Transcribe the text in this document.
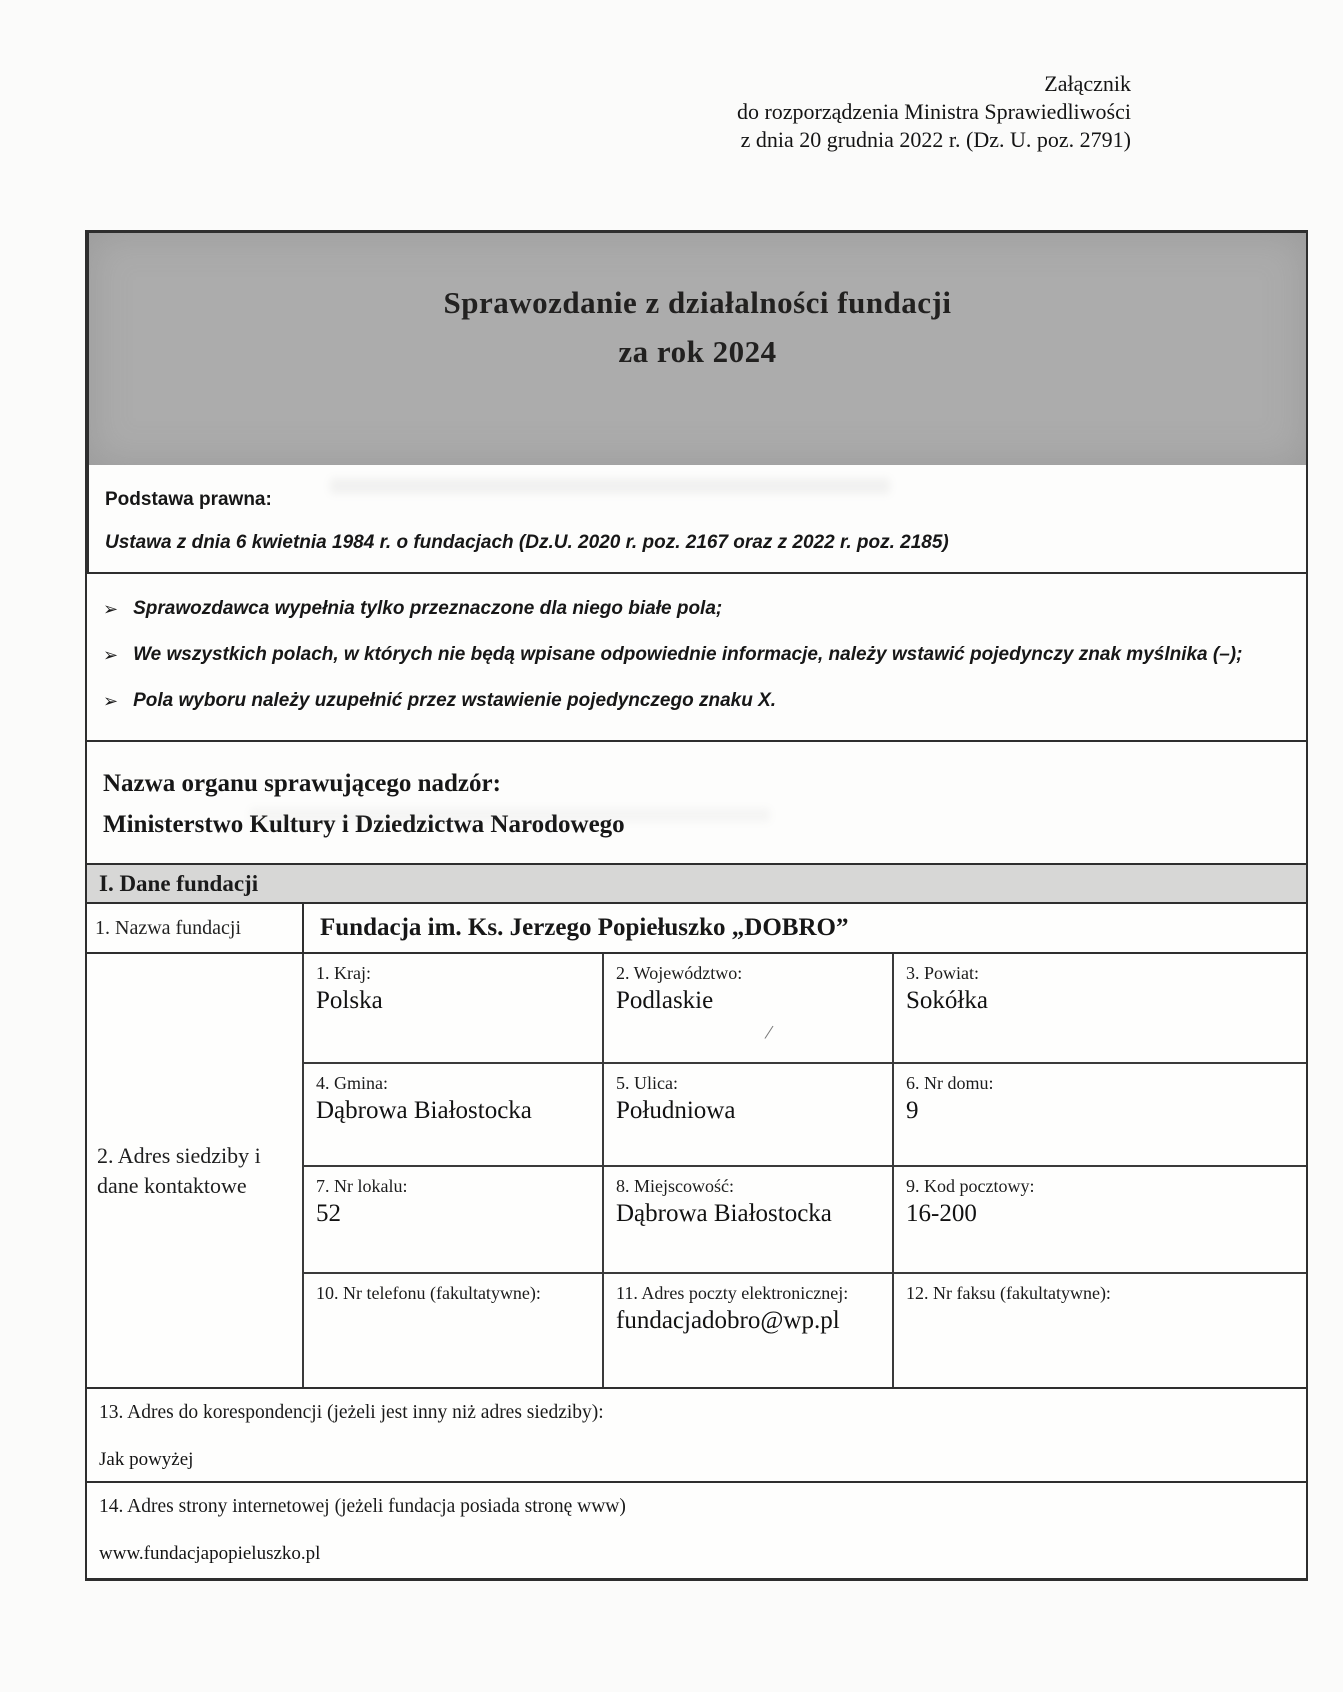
Załącznik
do rozporządzenia Ministra Sprawiedliwości
z dnia 20 grudnia 2022 r. (Dz. U. poz. 2791)
Sprawozdanie z działalności fundacji
za rok 2024
Podstawa prawna:
Ustawa z dnia 6 kwietnia 1984 r. o fundacjach (Dz.U. 2020 r. poz. 2167 oraz z 2022 r. poz. 2185)
➢ Sprawozdawca wypełnia tylko przeznaczone dla niego białe pola;
➢ We wszystkich polach, w których nie będą wpisane odpowiednie informacje, należy wstawić pojedynczy znak myślnika (–);
➢ Pola wyboru należy uzupełnić przez wstawienie pojedynczego znaku X.
Nazwa organu sprawującego nadzór:
Ministerstwo Kultury i Dziedzictwa Narodowego
I. Dane fundacji
1. Nazwa fundacji	Fundacja im. Ks. Jerzego Popiełuszko „DOBRO”
2. Adres siedziby i dane kontaktowe
1. Kraj:
Polska
2. Województwo:
Podlaskie
3. Powiat:
Sokółka
4. Gmina:
Dąbrowa Białostocka
5. Ulica:
Południowa
6. Nr domu:
9
7. Nr lokalu:
52
8. Miejscowość:
Dąbrowa Białostocka
9. Kod pocztowy:
16-200
10. Nr telefonu (fakultatywne):	11. Adres poczty elektronicznej:
fundacjadobro@wp.pl
12. Nr faksu (fakultatywne):
13. Adres do korespondencji (jeżeli jest inny niż adres siedziby):
Jak powyżej
14. Adres strony internetowej (jeżeli fundacja posiada stronę www)
www.fundacjapopieluszko.pl
/
